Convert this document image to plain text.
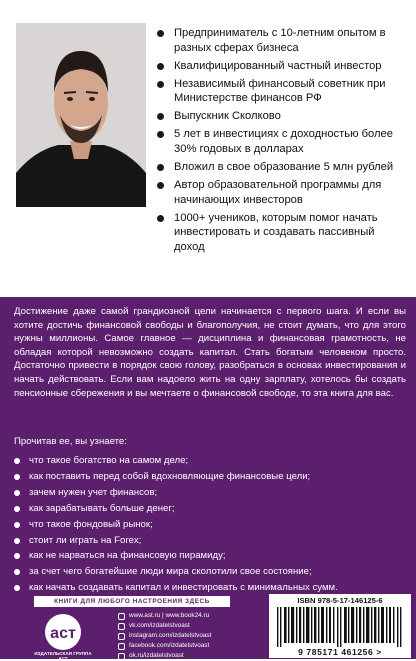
Предприниматель с 10-летним опытом в разных сферах бизнеса
Квалифицированный частный инвестор
Независимый финансовый советник при Министерстве финансов РФ
Выпускник Сколково
5 лет в инвестициях с доходностью более 30% годовых в долларах
Вложил в свое образование 5 млн рублей
Автор образовательной программы для начинающих инвесторов
1000+ учеников, которым помог начать инвестировать и создавать пассивный доход

Достижение даже самой грандиозной цели начинается с первого шага. И если вы хотите достичь финансовой свободы и благополучия, не стоит думать, что для этого нужны миллионы. Самое главное — дисциплина и финансовая грамотность, не обладая которой невозможно создать капитал. Стать богатым человеком просто. Достаточно привести в порядок свою голову, разобраться в основах инвестирования и начать действовать. Если вам надоело жить на одну зарплату, хотелось бы создать пенсионные сбережения и вы мечтаете о финансовой свободе, то эта книга для вас.

Прочитав ее, вы узнаете:

что такое богатство на самом деле;
как поставить перед собой вдохновляющие финансовые цели;
зачем нужен учет финансов;
как зарабатывать больше денег;
что такое фондовый рынок;
стоит ли играть на Forex;
как не нарваться на финансовую пирамиду;
за счет чего богатейшие люди мира сколотили свое состояние;
как начать создавать капитал и инвестировать с минимальных сумм.
КНИГИ ДЛЯ ЛЮБОГО НАСТРОЕНИЯ ЗДЕСЬ
аст
ИЗДАТЕЛЬСКАЯ ГРУППА АСТ
www.ast.ru | www.book24.ru
vk.com/izdatelstvoast
instagram.com/izdatelstvoast
facebook.com/izdatelstvoast
ok.ru/izdatelstvoast
ISBN 978-5-17-146125-6
9 785171 461256 >
